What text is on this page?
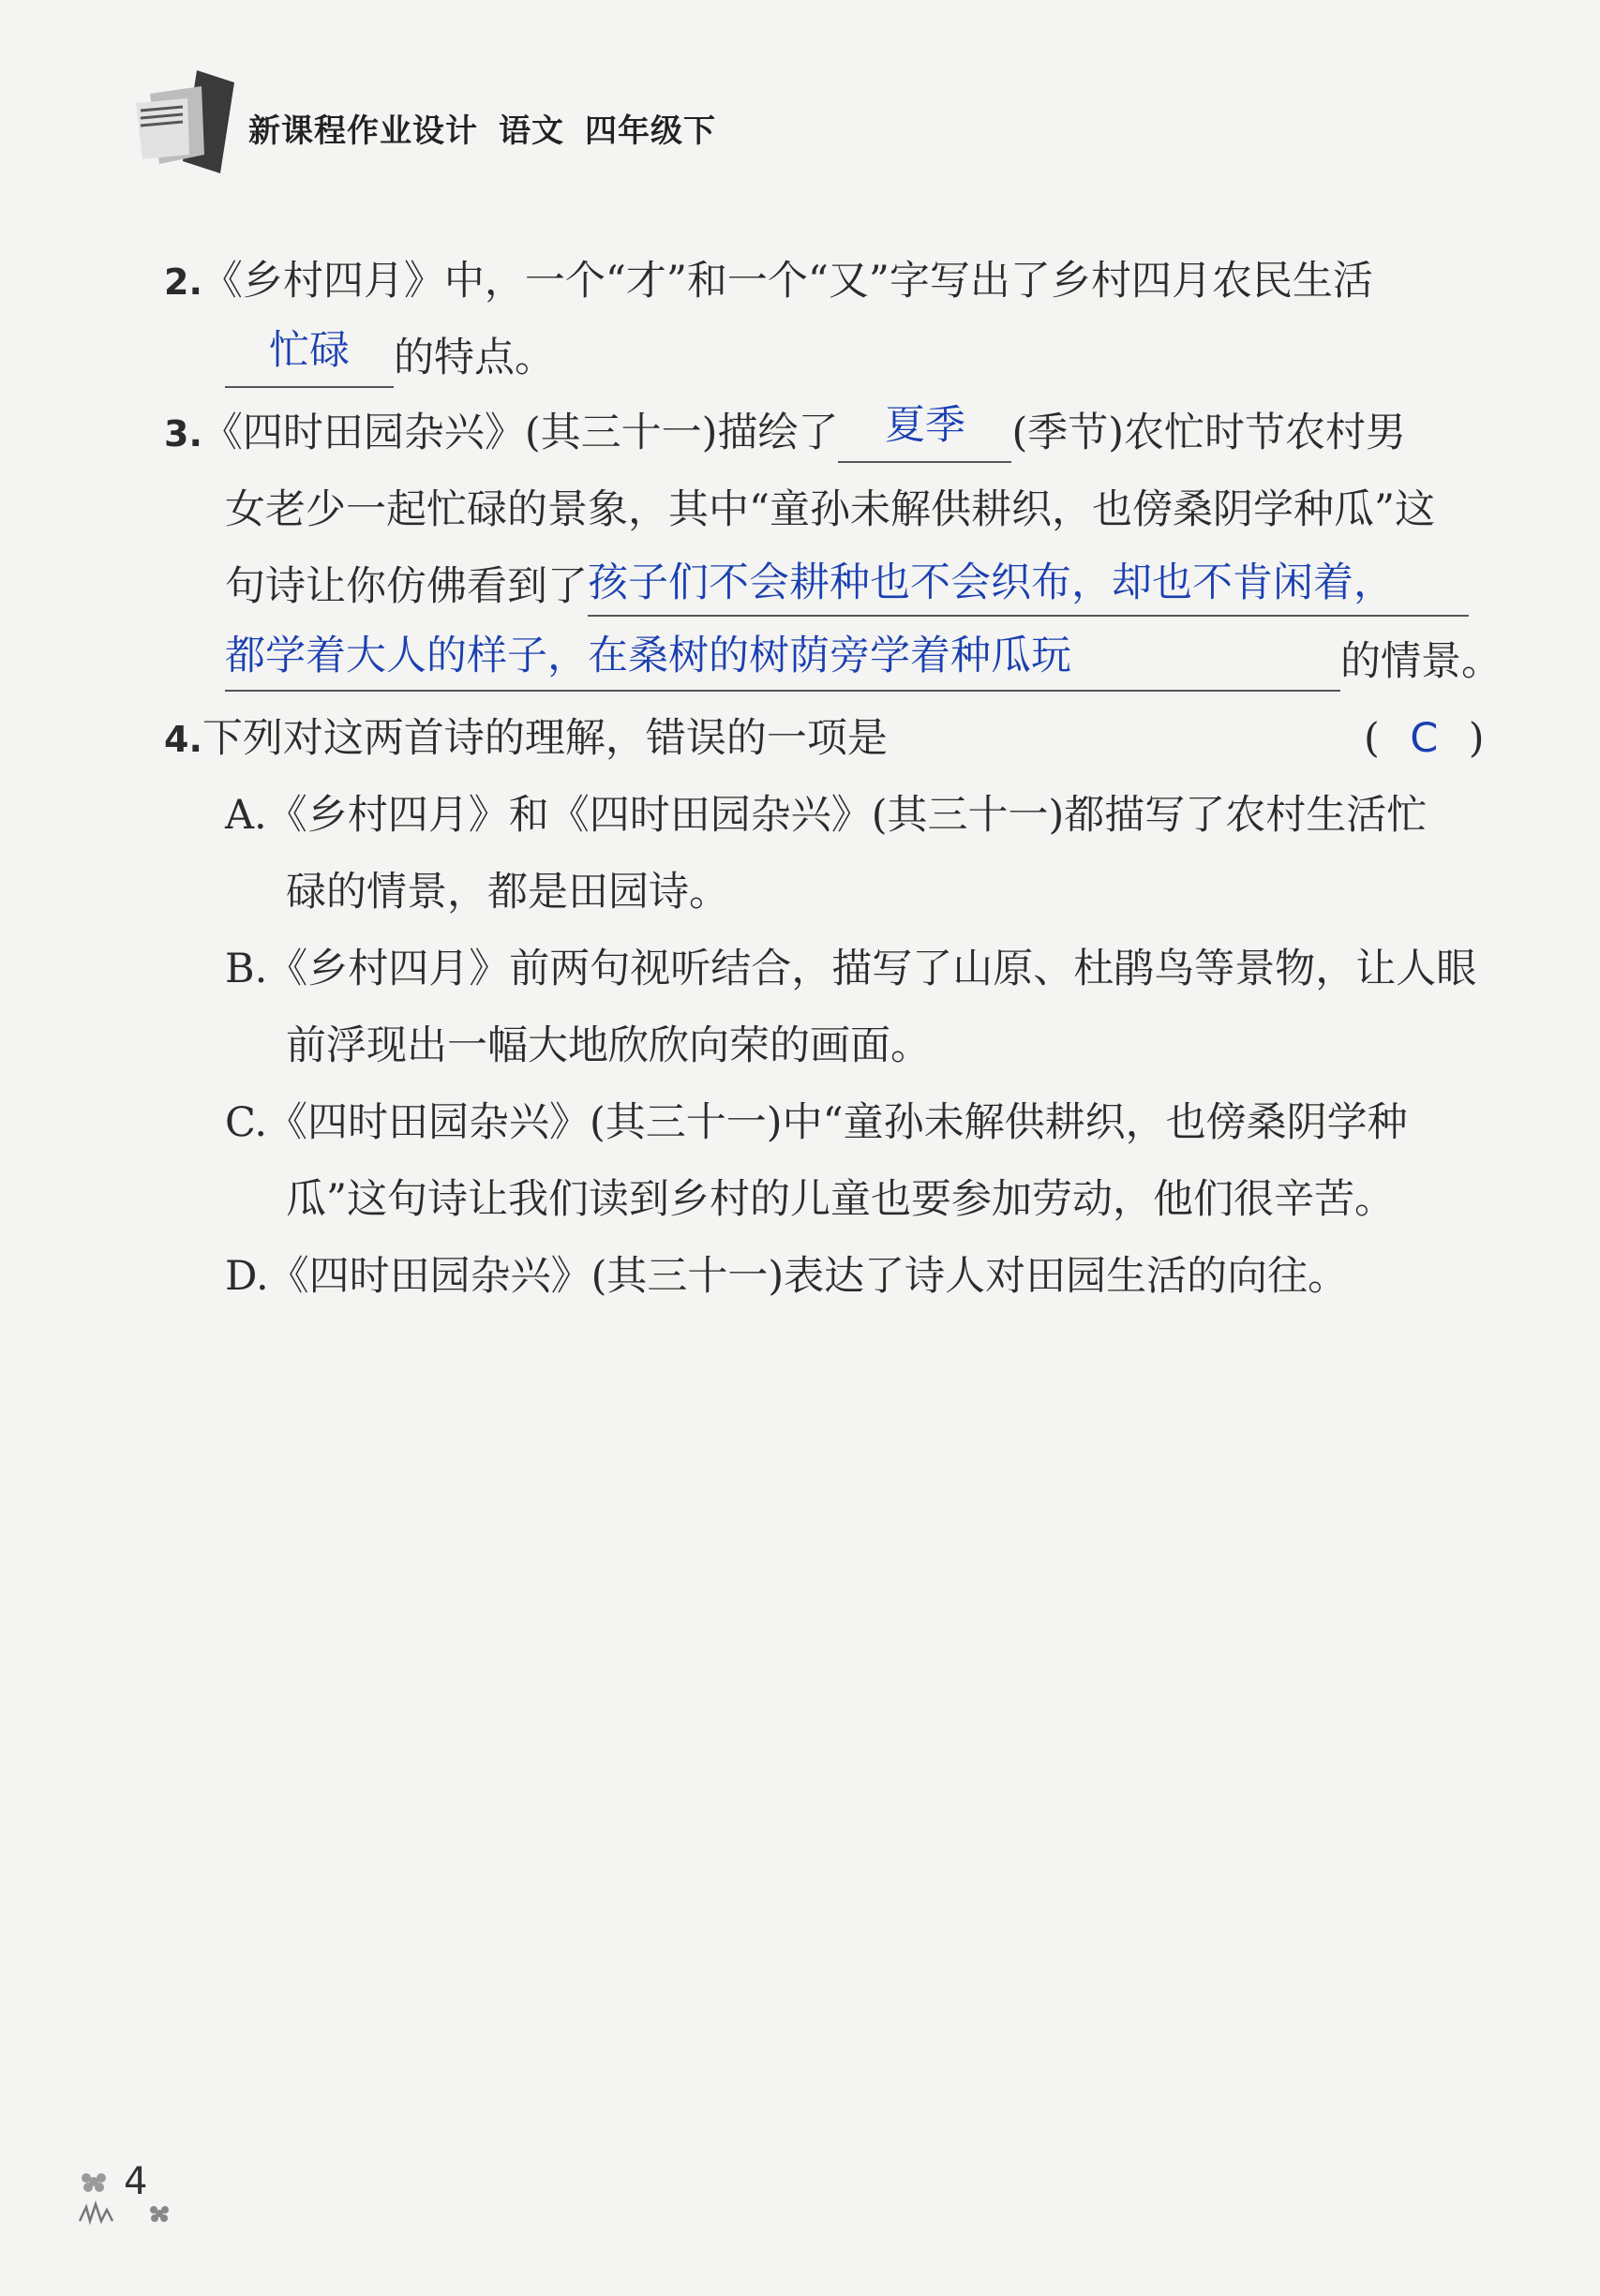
新课程作业设计 语文 四年级下
2.《乡村四月》中，一个“才”和一个“又”字写出了乡村四月农民生活
忙碌 的特点。
3.《四时田园杂兴》(其三十一)描绘了 夏季 (季节)农忙时节农村男
女老少一起忙碌的景象，其中“童孙未解供耕织，也傍桑阴学种瓜”这
句诗让你仿佛看到了孩子们不会耕种也不会织布，却也不肯闲着，
都学着大人的样子，在桑树的树荫旁学着种瓜玩	的情景。
4.下列对这两首诗的理解，错误的一项是	( C )
A.《乡村四月》和《四时田园杂兴》(其三十一)都描写了农村生活忙
碌的情景，都是田园诗。
B.《乡村四月》前两句视听结合，描写了山原、杜鹃鸟等景物，让人眼
前浮现出一幅大地欣欣向荣的画面。
C.《四时田园杂兴》(其三十一)中“童孙未解供耕织，也傍桑阴学种
瓜”这句诗让我们读到乡村的儿童也要参加劳动，他们很辛苦。
D.《四时田园杂兴》(其三十一)表达了诗人对田园生活的向往。
4
